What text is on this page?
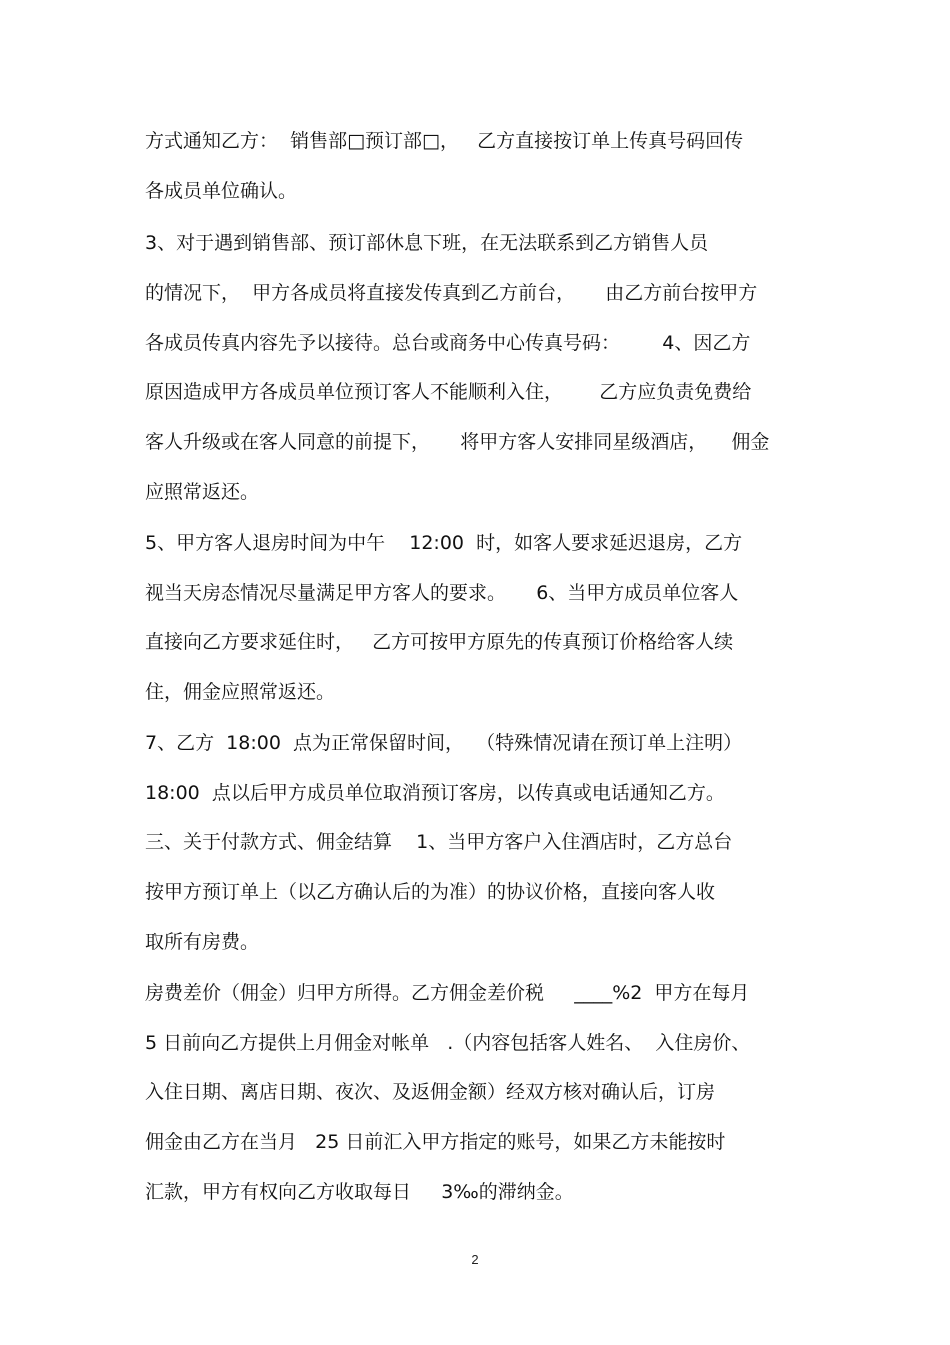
方式通知乙方：  销售部□预订部□，   乙方直接按订单上传真号码回传
各成员单位确认。
3、对于遇到销售部、预订部休息下班，在无法联系到乙方销售人员
的情况下，  甲方各成员将直接发传真到乙方前台，     由乙方前台按甲方
各成员传真内容先予以接待。总台或商务中心传真号码：       4、因乙方
原因造成甲方各成员单位预订客人不能顺利入住，      乙方应负责免费给
客人升级或在客人同意的前提下，     将甲方客人安排同星级酒店，    佣金
应照常返还。
5、甲方客人退房时间为中午    12:00  时，如客人要求延迟退房，乙方
视当天房态情况尽量满足甲方客人的要求。     6、当甲方成员单位客人
直接向乙方要求延住时，   乙方可按甲方原先的传真预订价格给客人续
住，佣金应照常返还。
7、乙方  18:00  点为正常保留时间，  （特殊情况请在预订单上注明）
18:00  点以后甲方成员单位取消预订客房，以传真或电话通知乙方。
三、关于付款方式、佣金结算    1、当甲方客户入住酒店时，乙方总台
按甲方预订单上（以乙方确认后的为准）的协议价格，直接向客人收
取所有房费。
房费差价（佣金）归甲方所得。乙方佣金差价税     ____%2  甲方在每月
5 日前向乙方提供上月佣金对帐单   .（内容包括客人姓名、  入住房价、
入住日期、离店日期、夜次、及返佣金额）经双方核对确认后，订房
佣金由乙方在当月   25 日前汇入甲方指定的账号，如果乙方未能按时
汇款，甲方有权向乙方收取每日     3‰的滞纳金。
2
